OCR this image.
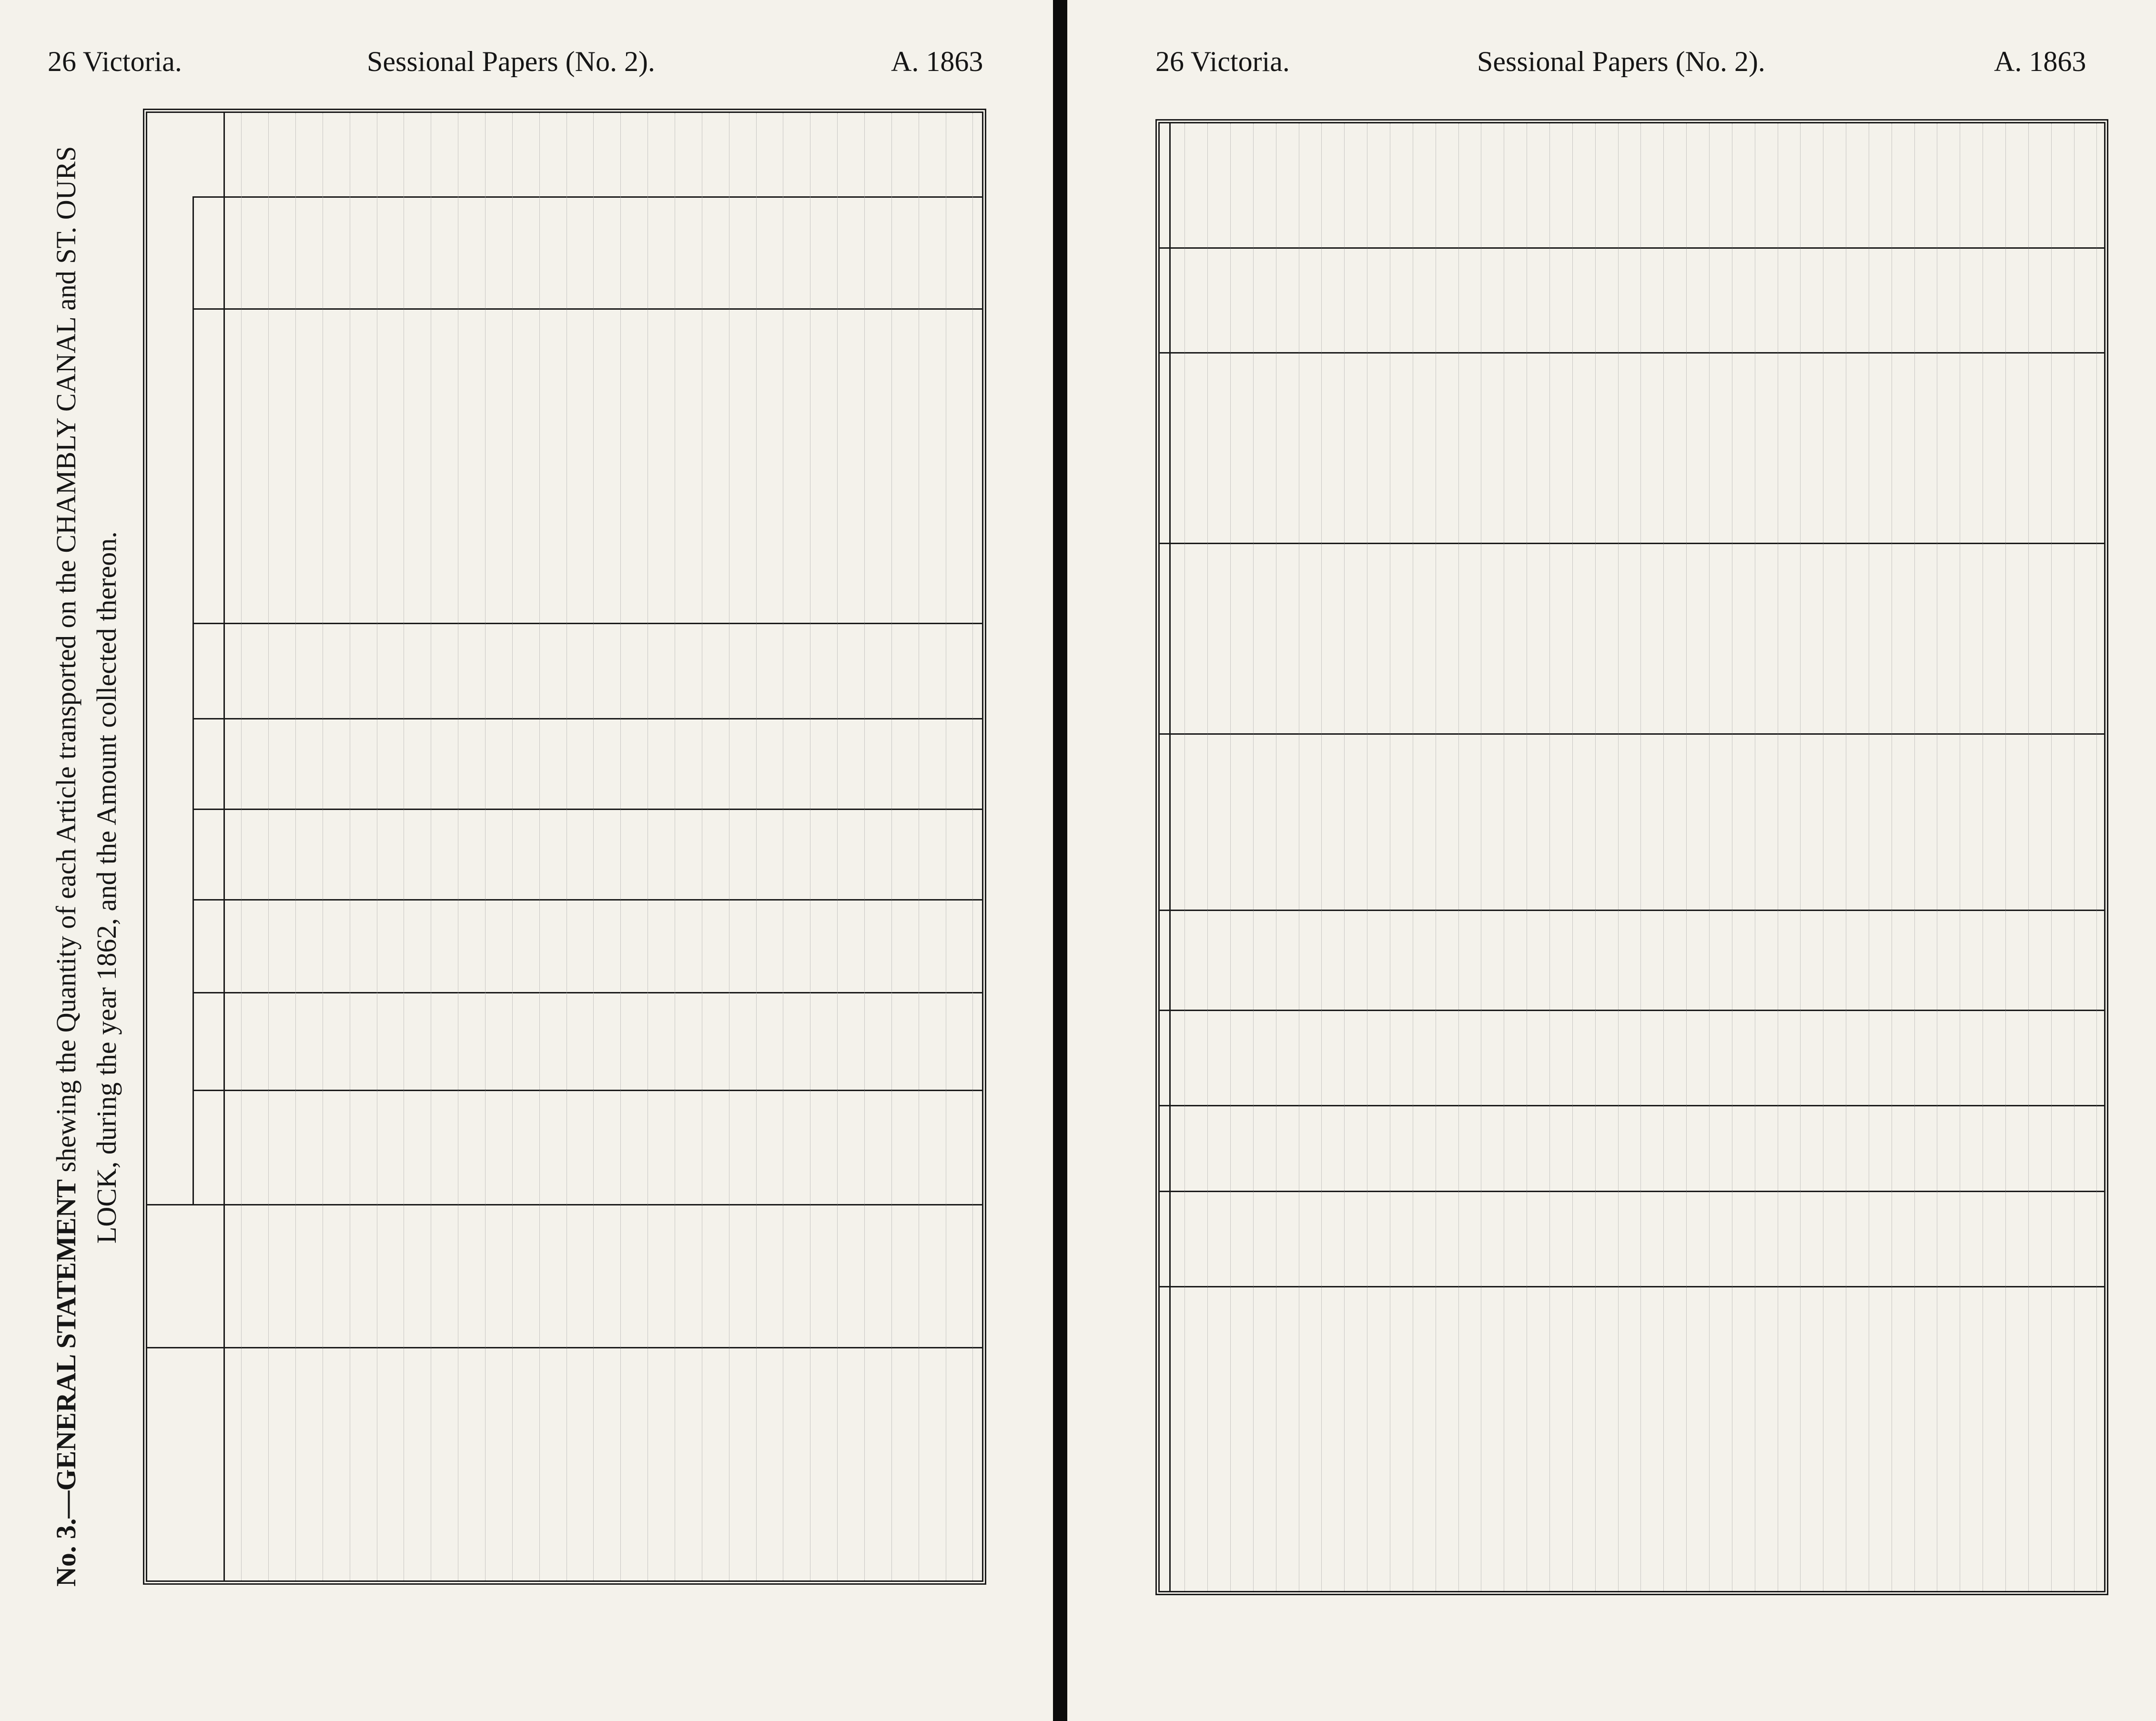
26 Victoria.	Sessional Papers (No. 2).	A. 1863
No. 3.—GENERAL STATEMENT shewing the Quantity of each Article transported on the CHAMBLY CANAL and ST. OURS LOCK, during the year 1862, and the Amount collected thereon.
26 Victoria.	Sessional Papers (No. 2).	A. 1863
